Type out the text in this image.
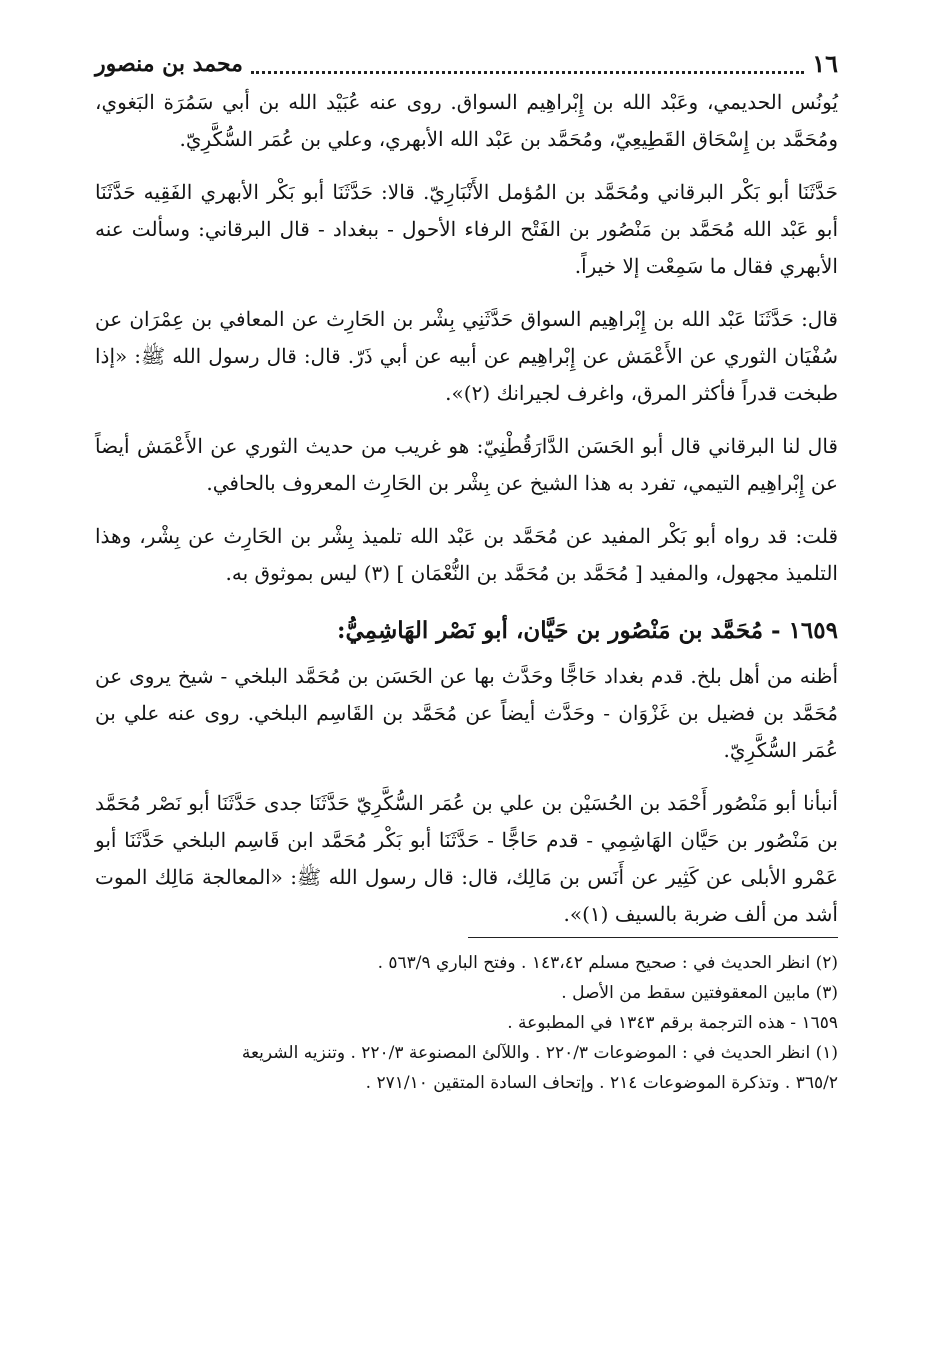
١٦
محمد بن منصور

يُونُس الحديمي، وعَبْد الله بن إِبْراهِيم السواق. روى عنه عُبَيْد الله بن أبي سَمُرَة البَغوي، ومُحَمَّد بن إِسْحَاق القَطِيعِيّ، ومُحَمَّد بن عَبْد الله الأبهري، وعلي بن عُمَر السُّكَّرِيّ.

حَدَّثَنَا أبو بَكْر البرقاني ومُحَمَّد بن المُؤمل الأَنْبَارِيّ. قالا: حَدَّثَنَا أبو بَكْر الأبهري الفَقِيه حَدَّثَنَا أبو عَبْد الله مُحَمَّد بن مَنْصُور بن الفَتْح الرفاء الأحول - ببغداد - قال البرقاني: وسألت عنه الأبهري فقال ما سَمِعْت إلا خيراً.

قال: حَدَّثَنَا عَبْد الله بن إِبْراهِيم السواق حَدَّثَنِي بِشْر بن الحَارِث عن المعافي بن عِمْرَان عن سُفْيَان الثوري عن الأَعْمَش عن إِبْراهِيم عن أبيه عن أبي ذَرّ. قال: قال رسول الله ﷺ: «إذا طبخت قدراً فأكثر المرق، واغرف لجيرانك (٢)».

قال لنا البرقاني قال أبو الحَسَن الدَّارَقُطْنِيّ: هو غريب من حديث الثوري عن الأَعْمَش أيضاً عن إِبْراهِيم التيمي، تفرد به هذا الشيخ عن بِشْر بن الحَارِث المعروف بالحافي.

قلت: قد رواه أبو بَكْر المفيد عن مُحَمَّد بن عَبْد الله تلميذ بِشْر بن الحَارِث عن بِشْر، وهذا التلميذ مجهول، والمفيد [ مُحَمَّد بن مُحَمَّد بن النُّعْمَان ] (٣) ليس بموثوق به.

١٦٥٩ - مُحَمَّد بن مَنْصُور بن حَيَّان، أبو نَصْر الهَاشِمِيُّ:

أظنه من أهل بلخ. قدم بغداد حَاجًّا وحَدَّث بها عن الحَسَن بن مُحَمَّد البلخي - شيخ يروى عن مُحَمَّد بن فضيل بن غَزْوَان - وحَدَّث أيضاً عن مُحَمَّد بن القَاسِم البلخي. روى عنه علي بن عُمَر السُّكَّرِيّ.

أنبأنا أبو مَنْصُور أَحْمَد بن الحُسَيْن بن علي بن عُمَر السُّكَّرِيّ حَدَّثَنَا جدى حَدَّثَنَا أبو نَصْر مُحَمَّد بن مَنْصُور بن حَيَّان الهَاشِمِي - قدم حَاجًّا - حَدَّثَنَا أبو بَكْر مُحَمَّد ابن قَاسِم البلخي حَدَّثَنَا أبو عَمْرو الأبلى عن كَثِير عن أَنَس بن مَالِك، قال: قال رسول الله ﷺ: «المعالجة مَالِك الموت أشد من ألف ضربة بالسيف (١)».

(٢) انظر الحديث في : صحيح مسلم ١٤٣،٤٢ . وفتح الباري ٥٦٣/٩ .
(٣) مابين المعقوفتين سقط من الأصل .
١٦٥٩ - هذه الترجمة برقم ١٣٤٣ في المطبوعة .
(١) انظر الحديث في : الموضوعات ٢٢٠/٣ . واللآلئ المصنوعة ٢٢٠/٣ . وتنزيه الشريعة
٣٦٥/٢ . وتذكرة الموضوعات ٢١٤ . وإتحاف السادة المتقين ٢٧١/١٠ .
